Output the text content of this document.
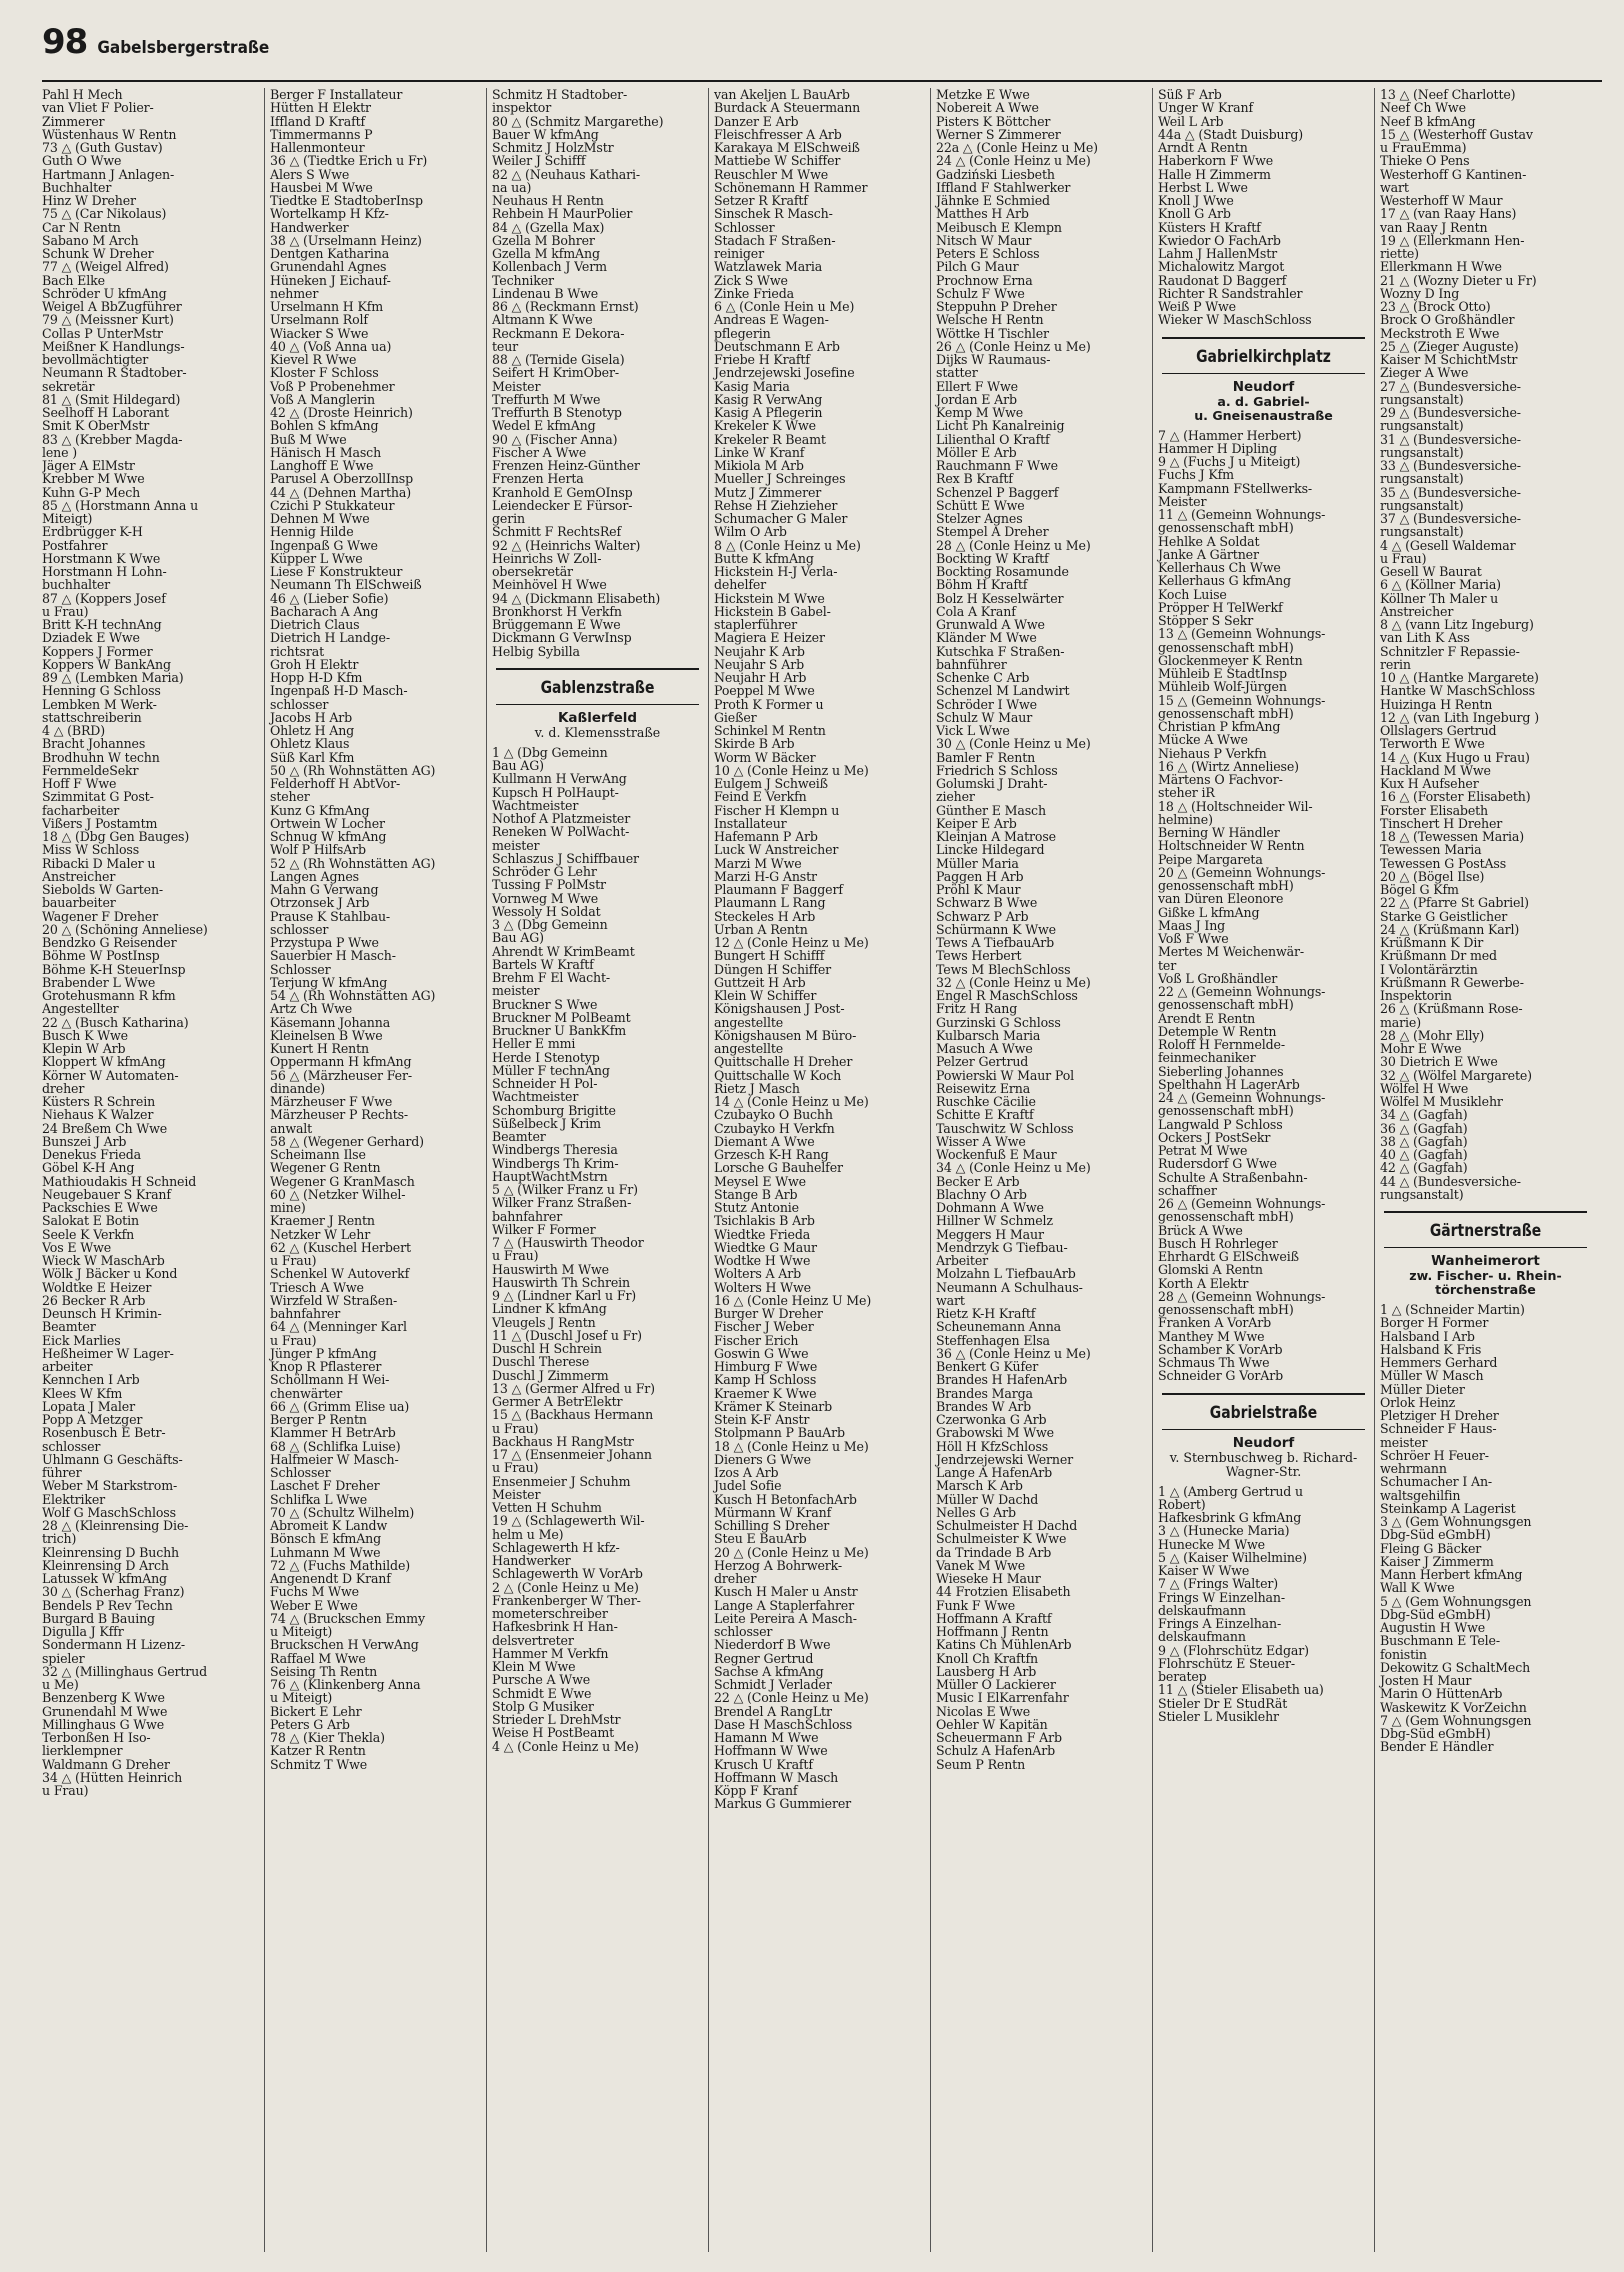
98 Gabelsbergerstraße
Pahl H Mech
van Vliet F Polier-
Zimmerer
Wüstenhaus W Rentn
73 △ (Guth Gustav)
Guth O Wwe
Hartmann J Anlagen-
Buchhalter
Hinz W Dreher
75 △ (Car Nikolaus)
Car N Rentn
Sabano M Arch
Schunk W Dreher
77 △ (Weigel Alfred)
Bach Elke
Schröder U kfmAng
Weigel A BbZugführer
79 △ (Meissner Kurt)
Collas P UnterMstr
Meißner K Handlungs-
bevollmächtigter
Neumann R Stadtober-
sekretär
81 △ (Smit Hildegard)
Seelhoff H Laborant
Smit K OberMstr
83 △ (Krebber Magda-
lene )
Jäger A ElMstr
Krebber M Wwe
Kuhn G-P Mech
85 △ (Horstmann Anna u
Miteigt)
Erdbrügger K-H
Postfahrer
Horstmann K Wwe
Horstmann H Lohn-
buchhalter
87 △ (Koppers Josef
u Frau)
Britt K-H technAng
Dziadek E Wwe
Koppers J Former
Koppers W BankAng
89 △ (Lembken Maria)
Henning G Schloss
Lembken M Werk-
stattschreiberin
4 △ (BRD)
Bracht Johannes
Brodhuhn W techn
FernmeldeSekr
Hoff F Wwe
Szimmitat G Post-
facharbeiter
Vißers J Postamtm
18 △ (Dbg Gen Bauges)
Miss W Schloss
Ribacki D Maler u
Anstreicher
Siebolds W Garten-
bauarbeiter
Wagener F Dreher
20 △ (Schöning Anneliese)
Bendzko G Reisender
Böhme W PostInsp
Böhme K-H SteuerInsp
Brabender L Wwe
Grotehusmann R kfm
Angestellter
22 △ (Busch Katharina)
Busch K Wwe
Klepin W Arb
Kloppert W kfmAng
Körner W Automaten-
dreher
Küsters R Schrein
Niehaus K Walzer
24 Breßem Ch Wwe
Bunszei J Arb
Denekus Frieda
Göbel K-H Ang
Mathioudakis H Schneid
Neugebauer S Kranf
Packschies E Wwe
Salokat E Botin
Seele K Verkfn
Vos E Wwe
Wieck W MaschArb
Wölk J Bäcker u Kond
Woldtke E Heizer
26 Becker R Arb
Deunsch H Krimin-
Beamter
Eick Marlies
Heßheimer W Lager-
arbeiter
Kennchen I Arb
Klees W Kfm
Lopata J Maler
Popp A Metzger
Rosenbusch E Betr-
schlosser
Uhlmann G Geschäfts-
führer
Weber M Starkstrom-
Elektriker
Wolf G MaschSchloss
28 △ (Kleinrensing Die-
trich)
Kleinrensing D Buchh
Kleinrensing D Arch
Latussek W kfmAng
30 △ (Scherhag Franz)
Bendels P Rev Techn
Burgard B Bauing
Digulla J Kffr
Sondermann H Lizenz-
spieler
32 △ (Millinghaus Gertrud
u Me)
Benzenberg K Wwe
Grunendahl M Wwe
Millinghaus G Wwe
Terbonßen H Iso-
lierklempner
Waldmann G Dreher
34 △ (Hütten Heinrich
u Frau)
Berger F Installateur
Hütten H Elektr
Iffland D Kraftf
Timmermanns P
Hallenmonteur
36 △ (Tiedtke Erich u Fr)
Alers S Wwe
Hausbei M Wwe
Tiedtke E StadtoberInsp
Wortelkamp H Kfz-
Handwerker
38 △ (Urselmann Heinz)
Dentgen Katharina
Grunendahl Agnes
Hüneken J Eichauf-
nehmer
Urselmann H Kfm
Urselmann Rolf
Wiacker S Wwe
40 △ (Voß Anna ua)
Kievel R Wwe
Kloster F Schloss
Voß P Probenehmer
Voß A Manglerin
42 △ (Droste Heinrich)
Bohlen S kfmAng
Buß M Wwe
Hänisch H Masch
Langhoff E Wwe
Parusel A OberzollInsp
44 △ (Dehnen Martha)
Czichi P Stukkateur
Dehnen M Wwe
Hennig Hilde
Ingenpaß G Wwe
Küpper L Wwe
Liese F Konstrukteur
Neumann Th ElSchweiß
46 △ (Lieber Sofie)
Bacharach A Ang
Dietrich Claus
Dietrich H Landge-
richtsrat
Groh H Elektr
Hopp H-D Kfm
Ingenpaß H-D Masch-
schlosser
Jacobs H Arb
Ohletz H Ang
Ohletz Klaus
Süß Karl Kfm
50 △ (Rh Wohnstätten AG)
Felderhoff H AbtVor-
steher
Kunz G KfmAng
Ortwein W Locher
Schnug W kfmAng
Wolf P HilfsArb
52 △ (Rh Wohnstätten AG)
Langen Agnes
Mahn G Verwang
Otrzonsek J Arb
Prause K Stahlbau-
schlosser
Przystupa P Wwe
Sauerbier H Masch-
Schlosser
Terjung W kfmAng
54 △ (Rh Wohnstätten AG)
Artz Ch Wwe
Käsemann Johanna
Kleinelsen B Wwe
Kunert H Rentn
Oppermann H kfmAng
56 △ (Märzheuser Fer-
dinande)
Märzheuser F Wwe
Märzheuser P Rechts-
anwalt
58 △ (Wegener Gerhard)
Scheimann Ilse
Wegener G Rentn
Wegener G KranMasch
60 △ (Netzker Wilhel-
mine)
Kraemer J Rentn
Netzker W Lehr
62 △ (Kuschel Herbert
u Frau)
Schenkel W Autoverkf
Triesch A Wwe
Wirzfeld W Straßen-
bahnfahrer
64 △ (Menninger Karl
u Frau)
Jünger P kfmAng
Knop R Pflasterer
Schöllmann H Wei-
chenwärter
66 △ (Grimm Elise ua)
Berger P Rentn
Klammer H BetrArb
68 △ (Schlifka Luise)
Halfmeier W Masch-
Schlosser
Laschet F Dreher
Schlifka L Wwe
70 △ (Schultz Wilhelm)
Abromeit K Landw
Bönsch E kfmAng
Luhmann M Wwe
72 △ (Fuchs Mathilde)
Angenendt D Kranf
Fuchs M Wwe
Weber E Wwe
74 △ (Bruckschen Emmy
u Miteigt)
Bruckschen H VerwAng
Raffael M Wwe
Seising Th Rentn
76 △ (Klinkenberg Anna
u Miteigt)
Bickert E Lehr
Peters G Arb
78 △ (Kier Thekla)
Katzer R Rentn
Schmitz T Wwe
Schmitz H Stadtober-
inspektor
80 △ (Schmitz Margarethe)
Bauer W kfmAng
Schmitz J HolzMstr
Weiler J Schifff
82 △ (Neuhaus Kathari-
na ua)
Neuhaus H Rentn
Rehbein H MaurPolier
84 △ (Gzella Max)
Gzella M Bohrer
Gzella M kfmAng
Kollenbach J Verm
Techniker
Lindenau B Wwe
86 △ (Reckmann Ernst)
Altmann K Wwe
Reckmann E Dekora-
teur
88 △ (Ternide Gisela)
Seifert H KrimOber-
Meister
Treffurth M Wwe
Treffurth B Stenotyp
Wedel E kfmAng
90 △ (Fischer Anna)
Fischer A Wwe
Frenzen Heinz-Günther
Frenzen Herta
Kranhold E GemOInsp
Leiendecker E Fürsor-
gerin
Schmitt F RechtsRef
92 △ (Heinrichs Walter)
Heinrichs W Zoll-
obersekretär
Meinhövel H Wwe
94 △ (Dickmann Elisabeth)
Bronkhorst H Verkfn
Brüggemann E Wwe
Dickmann G VerwInsp
Helbig Sybilla
Gablenzstraße
Kaßlerfeld
v. d. Klemensstraße
1 △ (Dbg Gemeinn
Bau AG)
Kullmann H VerwAng
Kupsch H PolHaupt-
Wachtmeister
Nothof A Platzmeister
Reneken W PolWacht-
meister
Schlaszus J Schiffbauer
Schröder G Lehr
Tussing F PolMstr
Vornweg M Wwe
Wessoly H Soldat
3 △ (Dbg Gemeinn
Bau AG)
Ahrendt W KrimBeamt
Bartels W Kraftf
Brehm F El Wacht-
meister
Bruckner S Wwe
Bruckner M PolBeamt
Bruckner U BankKfm
Heller E mmi
Herde I Stenotyp
Müller F technAng
Schneider H Pol-
Wachtmeister
Schomburg Brigitte
Süßelbeck J Krim
Beamter
Windbergs Theresia
Windbergs Th Krim-
HauptWachtMstrn
5 △ (Wilker Franz u Fr)
Wilker Franz Straßen-
bahnfahrer
Wilker F Former
7 △ (Hauswirth Theodor
u Frau)
Hauswirth M Wwe
Hauswirth Th Schrein
9 △ (Lindner Karl u Fr)
Lindner K kfmAng
Vleugels J Rentn
11 △ (Duschl Josef u Fr)
Duschl H Schrein
Duschl Therese
Duschl J Zimmerm
13 △ (Germer Alfred u Fr)
Germer A BetrElektr
15 △ (Backhaus Hermann
u Frau)
Backhaus H RangMstr
17 △ (Ensenmeier Johann
u Frau)
Ensenmeier J Schuhm
Meister
Vetten H Schuhm
19 △ (Schlagewerth Wil-
helm u Me)
Schlagewerth H kfz-
Handwerker
Schlagewerth W VorArb
2 △ (Conle Heinz u Me)
Frankenberger W Ther-
mometerschreiber
Hafkesbrink H Han-
delsvertreter
Hammer M Verkfn
Klein M Wwe
Pursche A Wwe
Schmidt E Wwe
Stolp G Musiker
Strieder L DrehMstr
Weise H PostBeamt
4 △ (Conle Heinz u Me)
van Akeljen L BauArb
Burdack A Steuermann
Danzer E Arb
Fleischfresser A Arb
Karakaya M ElSchweiß
Mattiebe W Schiffer
Reuschler M Wwe
Schönemann H Rammer
Setzer R Kraftf
Sinschek R Masch-
Schlosser
Stadach F Straßen-
reiniger
Watzlawek Maria
Zick S Wwe
Zinke Frieda
6 △ (Conle Hein u Me)
Andreas E Wagen-
pflegerin
Deutschmann E Arb
Friebe H Kraftf
Jendrzejewski Josefine
Kasig Maria
Kasig R VerwAng
Kasig A Pflegerin
Krekeler K Wwe
Krekeler R Beamt
Linke W Kranf
Mikiola M Arb
Mueller J Schreinges
Mutz J Zimmerer
Rehse H Ziehzieher
Schumacher G Maler
Wilm O Arb
8 △ (Conle Heinz u Me)
Butte K kfmAng
Hickstein H-J Verla-
dehelfer
Hickstein M Wwe
Hickstein B Gabel-
staplerführer
Magiera E Heizer
Neujahr K Arb
Neujahr S Arb
Neujahr H Arb
Poeppel M Wwe
Proth K Former u
Gießer
Schinkel M Rentn
Skirde B Arb
Worm W Bäcker
10 △ (Conle Heinz u Me)
Eulgem J Schweiß
Feind E Verkfn
Fischer H Klempn u
Installateur
Hafemann P Arb
Luck W Anstreicher
Marzi M Wwe
Marzi H-G Anstr
Plaumann F Baggerf
Plaumann L Rang
Steckeles H Arb
Urban A Rentn
12 △ (Conle Heinz u Me)
Bungert H Schifff
Düngen H Schiffer
Guttzeit H Arb
Klein W Schiffer
Königshausen J Post-
angestellte
Königshausen M Büro-
angestellte
Quittschalle H Dreher
Quittschalle W Koch
Rietz J Masch
14 △ (Conle Heinz u Me)
Czubayko O Buchh
Czubayko H Verkfn
Diemant A Wwe
Grzesch K-H Rang
Lorsche G Bauhelfer
Meysel E Wwe
Stange B Arb
Stutz Antonie
Tsichlakis B Arb
Wiedtke Frieda
Wiedtke G Maur
Wodtke H Wwe
Wolters A Arb
Wolters H Wwe
16 △ (Conle Heinz U Me)
Burger W Dreher
Fischer J Weber
Fischer Erich
Goswin G Wwe
Himburg F Wwe
Kamp H Schloss
Kraemer K Wwe
Krämer K Steinarb
Stein K-F Anstr
Stolpmann P BauArb
18 △ (Conle Heinz u Me)
Dieners G Wwe
Izos A Arb
Judel Sofie
Kusch H BetonfachArb
Mürmann W Kranf
Schilling S Dreher
Steu E BauArb
20 △ (Conle Heinz u Me)
Herzog A Bohrwerk-
dreher
Kusch H Maler u Anstr
Lange A Staplerfahrer
Leite Pereira A Masch-
schlosser
Niederdorf B Wwe
Regner Gertrud
Sachse A kfmAng
Schmidt J Verlader
22 △ (Conle Heinz u Me)
Brendel A RangLtr
Dase H MaschSchloss
Hamann M Wwe
Hoffmann W Wwe
Krusch U Kraftf
Hoffmann W Masch
Köpp F Kranf
Markus G Gummierer
Metzke E Wwe
Nobereit A Wwe
Pisters K Böttcher
Werner S Zimmerer
22a △ (Conle Heinz u Me)
24 △ (Conle Heinz u Me)
Gadziński Liesbeth
Iffland F Stahlwerker
Jähnke E Schmied
Matthes H Arb
Meibusch E Klempn
Nitsch W Maur
Peters E Schloss
Pilch G Maur
Prochnow Erna
Schulz F Wwe
Steppuhn P Dreher
Welsche H Rentn
Wöttke H Tischler
26 △ (Conle Heinz u Me)
Dijks W Raumaus-
statter
Ellert F Wwe
Jordan E Arb
Kemp M Wwe
Licht Ph Kanalreinig
Lilienthal O Kraftf
Möller E Arb
Rauchmann F Wwe
Rex B Kraftf
Schenzel P Baggerf
Schütt E Wwe
Stelzer Agnes
Stempel A Dreher
28 △ (Conle Heinz u Me)
Bockting W Kraftf
Bockting Rosamunde
Böhm H Kraftf
Bolz H Kesselwärter
Cola A Kranf
Grunwald A Wwe
Kländer M Wwe
Kutschka F Straßen-
bahnführer
Schenke C Arb
Schenzel M Landwirt
Schröder I Wwe
Schulz W Maur
Vick L Wwe
30 △ (Conle Heinz u Me)
Bamler F Rentn
Friedrich S Schloss
Golumski J Draht-
zieher
Günther E Masch
Keiper E Arb
Kleinjan A Matrose
Lincke Hildegard
Müller Maria
Paggen H Arb
Pröhl K Maur
Schwarz B Wwe
Schwarz P Arb
Schürmann K Wwe
Tews A TiefbauArb
Tews Herbert
Tews M BlechSchloss
32 △ (Conle Heinz u Me)
Engel R MaschSchloss
Fritz H Rang
Gurzinski G Schloss
Kulbarsch Maria
Masuch A Wwe
Pelzer Gertrud
Powierski W Maur Pol
Reisewitz Erna
Ruschke Cäcilie
Schitte E Kraftf
Tauschwitz W Schloss
Wisser A Wwe
Wockenfuß E Maur
34 △ (Conle Heinz u Me)
Becker E Arb
Blachny O Arb
Dohmann A Wwe
Hillner W Schmelz
Meggers H Maur
Mendrzyk G Tiefbau-
Arbeiter
Molzahn L TiefbauArb
Neumann A Schulhaus-
wart
Rietz K-H Kraftf
Scheunemann Anna
Steffenhagen Elsa
36 △ (Conle Heinz u Me)
Benkert G Küfer
Brandes H HafenArb
Brandes Marga
Brandes W Arb
Czerwonka G Arb
Grabowski M Wwe
Höll H KfzSchloss
Jendrzejewski Werner
Lange A HafenArb
Marsch K Arb
Müller W Dachd
Nelles G Arb
Schulmeister H Dachd
Schulmeister K Wwe
da Trindade B Arb
Vanek M Wwe
Wieseke H Maur
44 Frotzien Elisabeth
Funk F Wwe
Hoffmann A Kraftf
Hoffmann J Rentn
Katins Ch MühlenArb
Knoll Ch Kraftfn
Lausberg H Arb
Müller O Lackierer
Music I ElKarrenfahr
Nicolas E Wwe
Oehler W Kapitän
Scheuermann F Arb
Schulz A HafenArb
Seum P Rentn
Süß F Arb
Unger W Kranf
Weil L Arb
44a △ (Stadt Duisburg)
Arndt A Rentn
Haberkorn F Wwe
Halle H Zimmerm
Herbst L Wwe
Knoll J Wwe
Knoll G Arb
Küsters H Kraftf
Kwiedor O FachArb
Lahm J HallenMstr
Michalowitz Margot
Raudonat D Baggerf
Richter R Sandstrahler
Weiß P Wwe
Wieker W MaschSchloss
Gabrielkirchplatz
Neudorf
a. d. Gabriel-
u. Gneisenaustraße
7 △ (Hammer Herbert)
Hammer H Dipling
9 △ (Fuchs J u Miteigt)
Fuchs J Kfm
Kampmann FStellwerks-
Meister
11 △ (Gemeinn Wohnungs-
genossenschaft mbH)
Hehlke A Soldat
Janke A Gärtner
Kellerhaus Ch Wwe
Kellerhaus G kfmAng
Koch Luise
Pröpper H TelWerkf
Stöpper S Sekr
13 △ (Gemeinn Wohnungs-
genossenschaft mbH)
Glockenmeyer K Rentn
Mühleib E StadtInsp
Mühleib Wolf-Jürgen
15 △ (Gemeinn Wohnungs-
genossenschaft mbH)
Christian P kfmAng
Mücke A Wwe
Niehaus P Verkfn
16 △ (Wirtz Anneliese)
Märtens O Fachvor-
steher iR
18 △ (Holtschneider Wil-
helmine)
Berning W Händler
Holtschneider W Rentn
Peipe Margareta
20 △ (Gemeinn Wohnungs-
genossenschaft mbH)
van Düren Eleonore
Gißke L kfmAng
Maas J Ing
Voß F Wwe
Mertes M Weichenwär-
ter
Voß L Großhändler
22 △ (Gemeinn Wohnungs-
genossenschaft mbH)
Arendt E Rentn
Detemple W Rentn
Roloff H Fernmelde-
feinmechaniker
Sieberling Johannes
Spelthahn H LagerArb
24 △ (Gemeinn Wohnungs-
genossenschaft mbH)
Langwald P Schloss
Ockers J PostSekr
Petrat M Wwe
Rudersdorf G Wwe
Schulte A Straßenbahn-
schaffner
26 △ (Gemeinn Wohnungs-
genossenschaft mbH)
Brück A Wwe
Busch H Rohrleger
Ehrhardt G ElSchweiß
Glomski A Rentn
Korth A Elektr
28 △ (Gemeinn Wohnungs-
genossenschaft mbH)
Franken A VorArb
Manthey M Wwe
Schamber K VorArb
Schmaus Th Wwe
Schneider G VorArb
Gabrielstraße
Neudorf
v. Sternbuschweg b. Richard-Wagner-Str.
1 △ (Amberg Gertrud u
Robert)
Hafkesbrink G kfmAng
3 △ (Hunecke Maria)
Hunecke M Wwe
5 △ (Kaiser Wilhelmine)
Kaiser W Wwe
7 △ (Frings Walter)
Frings W Einzelhan-
delskaufmann
Frings A Einzelhan-
delskaufmann
9 △ (Flohrschütz Edgar)
Flohrschütz E Steuer-
beratер
11 △ (Stieler Elisabeth ua)
Stieler Dr E StudRät
Stieler L Musiklehr
13 △ (Neef Charlotte)
Neef Ch Wwe
Neef B kfmAng
15 △ (Westerhoff Gustav
u FrauEmma)
Thieke O Pens
Westerhoff G Kantinen-
wart
Westerhoff W Maur
17 △ (van Raay Hans)
van Raay J Rentn
19 △ (Ellerkmann Hen-
riette)
Ellerkmann H Wwe
21 △ (Wozny Dieter u Fr)
Wozny D Ing
23 △ (Brock Otto)
Brock O Großhändler
Meckstroth E Wwe
25 △ (Zieger Auguste)
Kaiser M SchichtMstr
Zieger A Wwe
27 △ (Bundesversiche-
rungsanstalt)
29 △ (Bundesversiche-
rungsanstalt)
31 △ (Bundesversiche-
rungsanstalt)
33 △ (Bundesversiche-
rungsanstalt)
35 △ (Bundesversiche-
rungsanstalt)
37 △ (Bundesversiche-
rungsanstalt)
4 △ (Gesell Waldemar
u Frau)
Gesell W Baurat
6 △ (Köllner Maria)
Köllner Th Maler u
Anstreicher
8 △ (vann Litz Ingeburg)
van Lith K Ass
Schnitzler F Repassie-
rerin
10 △ (Hantke Margarete)
Hantke W MaschSchloss
Huizinga H Rentn
12 △ (van Lith Ingeburg )
Ollslagers Gertrud
Terworth E Wwe
14 △ (Kux Hugo u Frau)
Hackland M Wwe
Kux H Aufseher
16 △ (Forster Elisabeth)
Forster Elisabeth
Tinschert H Dreher
18 △ (Tewessen Maria)
Tewessen Maria
Tewessen G PostAss
20 △ (Bögel Ilse)
Bögel G Kfm
22 △ (Pfarre St Gabriel)
Starke G Geistlicher
24 △ (Krüßmann Karl)
Krüßmann K Dir
Krüßmann Dr med
I Volontärärztin
Krüßmann R Gewerbe-
Inspektorin
26 △ (Krüßmann Rose-
marie)
28 △ (Mohr Elly)
Mohr E Wwe
30 Dietrich E Wwe
32 △ (Wölfel Margarete)
Wölfel H Wwe
Wölfel M Musiklehr
34 △ (Gagfah)
36 △ (Gagfah)
38 △ (Gagfah)
40 △ (Gagfah)
42 △ (Gagfah)
44 △ (Bundesversiche-
rungsanstalt)
Gärtnerstraße
Wanheimerort
zw. Fischer- u. Rhein-törchenstraße
1 △ (Schneider Martin)
Borger H Former
Halsband I Arb
Halsband K Fris
Hemmers Gerhard
Müller W Masch
Müller Dieter
Orlok Heinz
Pletziger H Dreher
Schneider F Haus-
meister
Schröer H Feuer-
wehrmann
Schumacher I An-
waltsgehilfin
Steinkamp A Lagerist
3 △ (Gem Wohnungsgen
Dbg-Süd eGmbH)
Fleing G Bäcker
Kaiser J Zimmerm
Mann Herbert kfmAng
Wall K Wwe
5 △ (Gem Wohnungsgen
Dbg-Süd eGmbH)
Augustin H Wwe
Buschmann E Tele-
fonistin
Dekowitz G SchaltMech
Josten H Maur
Marin O HüttenArb
Waskewitz K VorZeichn
7 △ (Gem Wohnungsgen
Dbg-Süd eGmbH)
Bender E Händler
